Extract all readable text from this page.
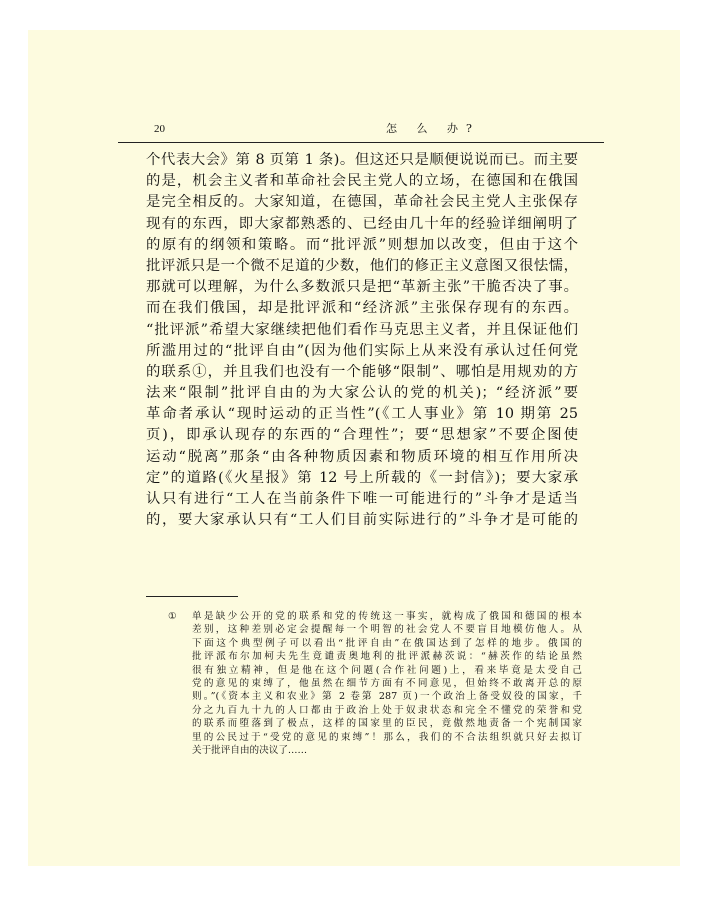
20	怎 么 办?
个代表大会》第 8 页第 1 条)。但这还只是顺便说说而已。而主要
的是，机会主义者和革命社会民主党人的立场，在德国和在俄国
是完全相反的。大家知道，在德国，革命社会民主党人主张保存
现有的东西，即大家都熟悉的、已经由几十年的经验详细阐明了
的原有的纲领和策略。而“批评派”则想加以改变，但由于这个
批评派只是一个微不足道的少数，他们的修正主义意图又很怯懦，
那就可以理解，为什么多数派只是把“革新主张”干脆否决了事。
而在我们俄国，却是批评派和“经济派”主张保存现有的东西。
“批评派”希望大家继续把他们看作马克思主义者，并且保证他们
所滥用过的“批评自由”(因为他们实际上从来没有承认过任何党
的联系①，并且我们也没有一个能够“限制”、哪怕是用规劝的方
法来“限制”批评自由的为大家公认的党的机关)；“经济派”要
革命者承认“现时运动的正当性”(《工人事业》第 10 期第 25
页)，即承认现存的东西的“合理性”；要“思想家”不要企图使
运动“脱离”那条“由各种物质因素和物质环境的相互作用所决
定”的道路(《火星报》第 12 号上所载的《一封信》)；要大家承
认只有进行“工人在当前条件下唯一可能进行的”斗争才是适当
的，要大家承认只有“工人们目前实际进行的”斗争才是可能的
①	单是缺少公开的党的联系和党的传统这一事实，就构成了俄国和德国的根本
差别，这种差别必定会提醒每一个明智的社会党人不要盲目地模仿他人。从
下面这个典型例子可以看出“批评自由”在俄国达到了怎样的地步。俄国的
批评派布尔加柯夫先生竟谴责奥地利的批评派赫茨说：“赫茨作的结论虽然
很有独立精神，但是他在这个问题(合作社问题)上，看来毕竟是太受自己
党的意见的束缚了，他虽然在细节方面有不同意见，但始终不敢离开总的原
则。”(《资本主义和农业》第 2 卷第 287 页)一个政治上备受奴役的国家，千
分之九百九十九的人口都由于政治上处于奴隶状态和完全不懂党的荣誉和党
的联系而堕落到了极点，这样的国家里的臣民，竟傲然地责备一个宪制国家
里的公民过于“受党的意见的束缚”！那么，我们的不合法组织就只好去拟订
关于批评自由的决议了……
